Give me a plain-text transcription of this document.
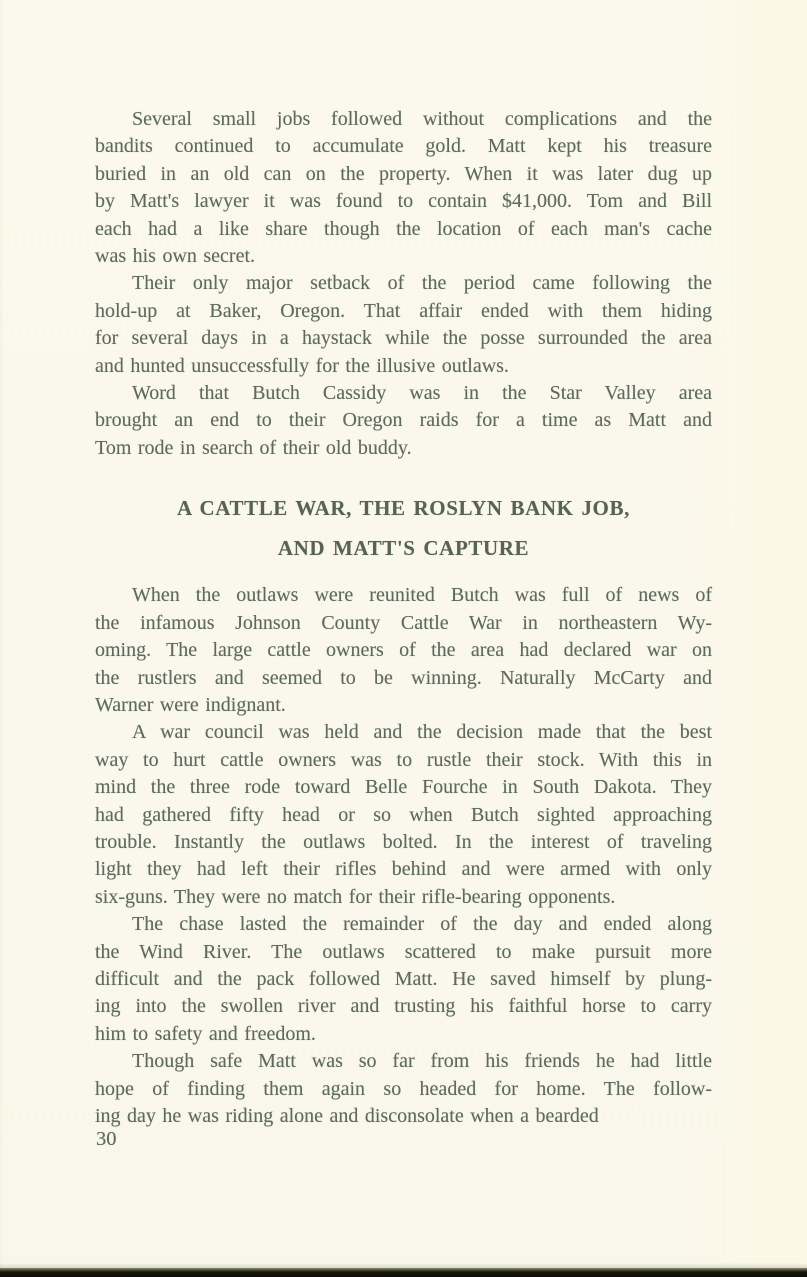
Several small jobs followed without complications and the
bandits continued to accumulate gold. Matt kept his treasure
buried in an old can on the property. When it was later dug up
by Matt's lawyer it was found to contain $41,000. Tom and Bill
each had a like share though the location of each man's cache
was his own secret.
Their only major setback of the period came following the
hold-up at Baker, Oregon. That affair ended with them hiding
for several days in a haystack while the posse surrounded the area
and hunted unsuccessfully for the illusive outlaws.
Word that Butch Cassidy was in the Star Valley area
brought an end to their Oregon raids for a time as Matt and
Tom rode in search of their old buddy.
A CATTLE WAR, THE ROSLYN BANK JOB,
AND MATT'S CAPTURE
When the outlaws were reunited Butch was full of news of
the infamous Johnson County Cattle War in northeastern Wy-
oming. The large cattle owners of the area had declared war on
the rustlers and seemed to be winning. Naturally McCarty and
Warner were indignant.
A war council was held and the decision made that the best
way to hurt cattle owners was to rustle their stock. With this in
mind the three rode toward Belle Fourche in South Dakota. They
had gathered fifty head or so when Butch sighted approaching
trouble. Instantly the outlaws bolted. In the interest of traveling
light they had left their rifles behind and were armed with only
six-guns. They were no match for their rifle-bearing opponents.
The chase lasted the remainder of the day and ended along
the Wind River. The outlaws scattered to make pursuit more
difficult and the pack followed Matt. He saved himself by plung-
ing into the swollen river and trusting his faithful horse to carry
him to safety and freedom.
Though safe Matt was so far from his friends he had little
hope of finding them again so headed for home. The follow-
ing day he was riding alone and disconsolate when a bearded
30
